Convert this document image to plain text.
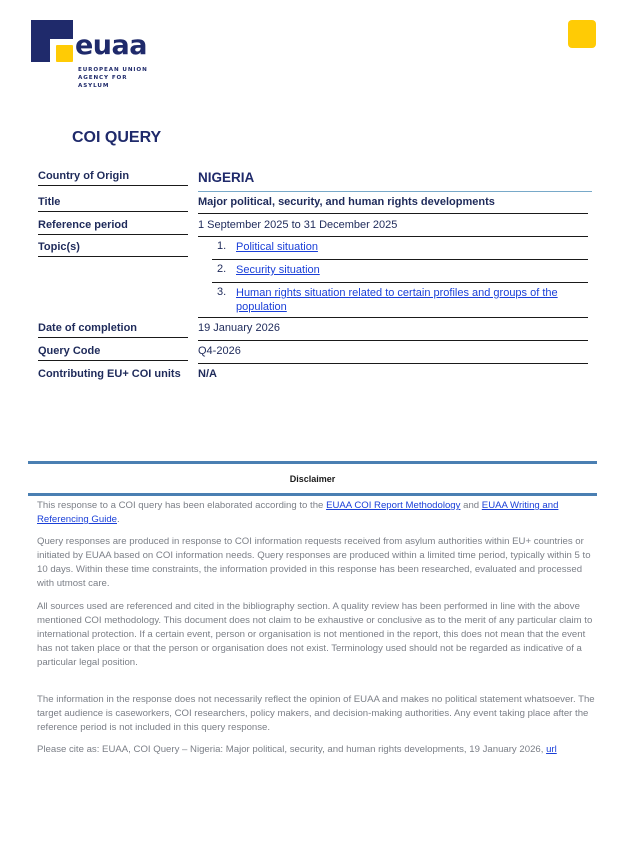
euaa
EUROPEAN UNION
AGENCY FOR ASYLUM
COI QUERY
Country of Origin	NIGERIA
Title	Major political, security, and human rights developments
Reference period	1 September 2025 to 31 December 2025
Topic(s)	1. Political situation
2. Security situation
3. Human rights situation related to certain profiles and groups of the population
Date of completion	19 January 2026
Query Code	Q4-2026
Contributing EU+ COI units	N/A
Disclaimer

This response to a COI query has been elaborated according to the EUAA COI Report Methodology and EUAA Writing and Referencing Guide.

Query responses are produced in response to COI information requests received from asylum authorities within EU+ countries or initiated by EUAA based on COI information needs. Query responses are produced within a limited time period, typically within 5 to 10 days. Within these time constraints, the information provided in this response has been researched, evaluated and processed with utmost care.

All sources used are referenced and cited in the bibliography section. A quality review has been performed in line with the above mentioned COI methodology. This document does not claim to be exhaustive or conclusive as to the merit of any particular claim to international protection. If a certain event, person or organisation is not mentioned in the report, this does not mean that the event has not taken place or that the person or organisation does not exist. Terminology used should not be regarded as indicative of a particular legal position.

The information in the response does not necessarily reflect the opinion of EUAA and makes no political statement whatsoever. The target audience is caseworkers, COI researchers, policy makers, and decision-making authorities. Any event taking place after the reference period is not included in this query response.

Please cite as: EUAA, COI Query – Nigeria: Major political, security, and human rights developments, 19 January 2026, url
